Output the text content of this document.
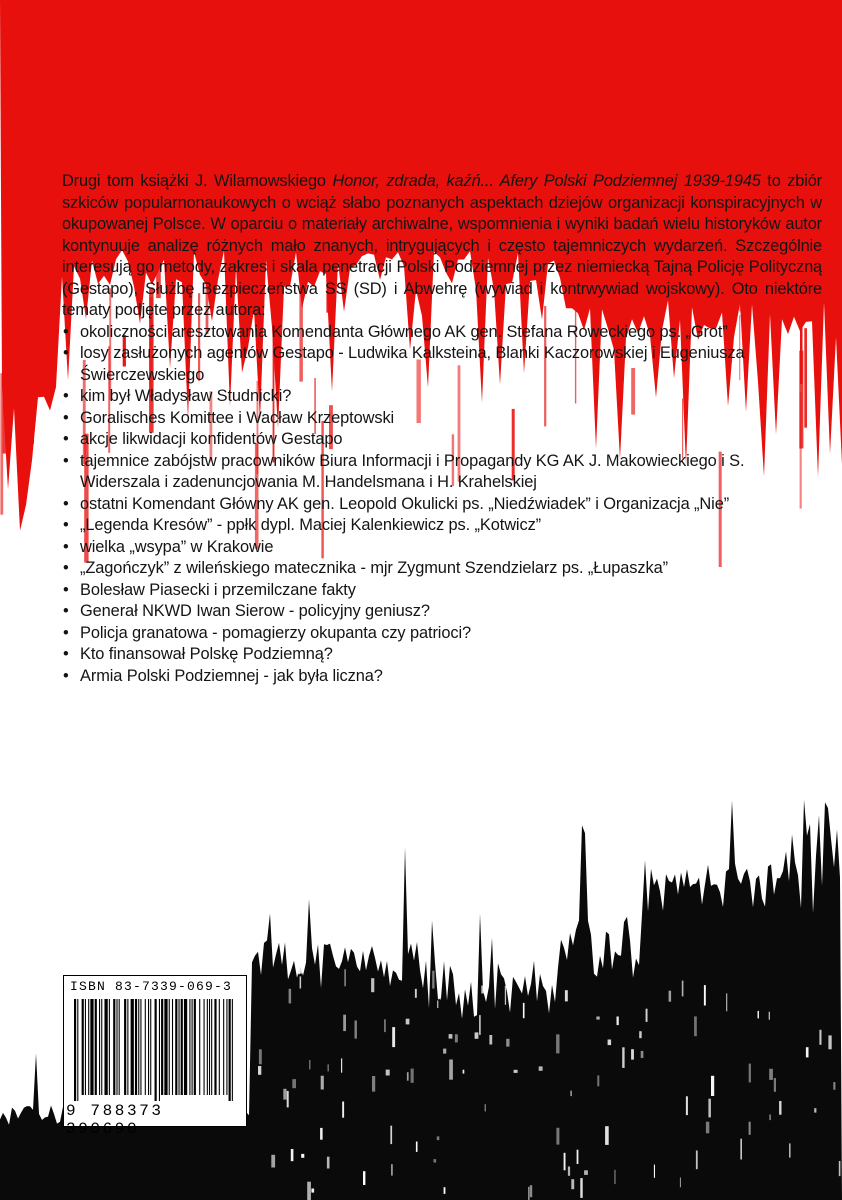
Drugi tom książki J. Wilamowskiego Honor, zdrada, kaźń... Afery Polski Podziemnej 1939-1945 to zbiór szkiców popularnonaukowych o wciąż słabo poznanych aspektach dziejów organizacji konspiracyjnych w okupowanej Polsce. W oparciu o materiały archiwalne, wspomnienia i wyniki badań wielu historyków autor kontynuuje analizę różnych mało znanych, intrygujących i często tajemniczych wydarzeń. Szczególnie interesują go metody, zakres i skala penetracji Polski Podziemnej przez niemiecką Tajną Policję Polityczną (Gestapo), Służbę Bezpieczeństwa SS (SD) i Abwehrę (wywiad i kontrwywiad wojskowy). Oto niektóre tematy podjęte przez autora:

• okoliczności aresztowania Komendanta Głównego AK gen. Stefana Roweckiego ps. „Grot”
• losy zasłużonych agentów Gestapo - Ludwika Kalksteina, Blanki Kaczorowskiej i Eugeniusza Świerczewskiego
• kim był Władysław Studnicki?
• Goralisches Komittee i Wacław Krzeptowski
• akcje likwidacji konfidentów Gestapo
• tajemnice zabójstw pracowników Biura Informacji i Propagandy KG AK J. Makowieckiego i S. Widerszala i zadenuncjowania M. Handelsmana i H. Krahelskiej
• ostatni Komendant Główny AK gen. Leopold Okulicki ps. „Niedźwiadek” i Organizacja „Nie”
• „Legenda Kresów” - ppłk dypl. Maciej Kalenkiewicz ps. „Kotwicz”
• wielka „wsypa” w Krakowie
• „Zagończyk” z wileńskiego matecznika - mjr Zygmunt Szendzielarz ps. „Łupaszka”
• Bolesław Piasecki i przemilczane fakty
• Generał NKWD Iwan Sierow - policyjny geniusz?
• Policja granatowa - pomagierzy okupanta czy patrioci?
• Kto finansował Polskę Podziemną?
• Armia Polski Podziemnej - jak była liczna?
ISBN 83-7339-069-3
9 788373 390690
